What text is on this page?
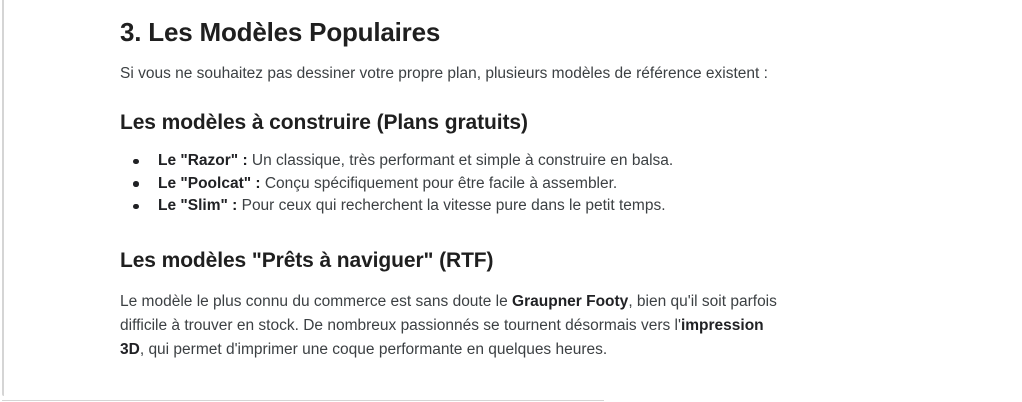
3. Les Modèles Populaires

Si vous ne souhaitez pas dessiner votre propre plan, plusieurs modèles de référence existent :

Les modèles à construire (Plans gratuits)
Le "Razor" : Un classique, très performant et simple à construire en balsa.
Le "Poolcat" : Conçu spécifiquement pour être facile à assembler.
Le "Slim" : Pour ceux qui recherchent la vitesse pure dans le petit temps.
Les modèles "Prêts à naviguer" (RTF)

Le modèle le plus connu du commerce est sans doute le Graupner Footy, bien qu'il soit parfois
difficile à trouver en stock. De nombreux passionnés se tournent désormais vers l'impression
3D, qui permet d'imprimer une coque performante en quelques heures.
